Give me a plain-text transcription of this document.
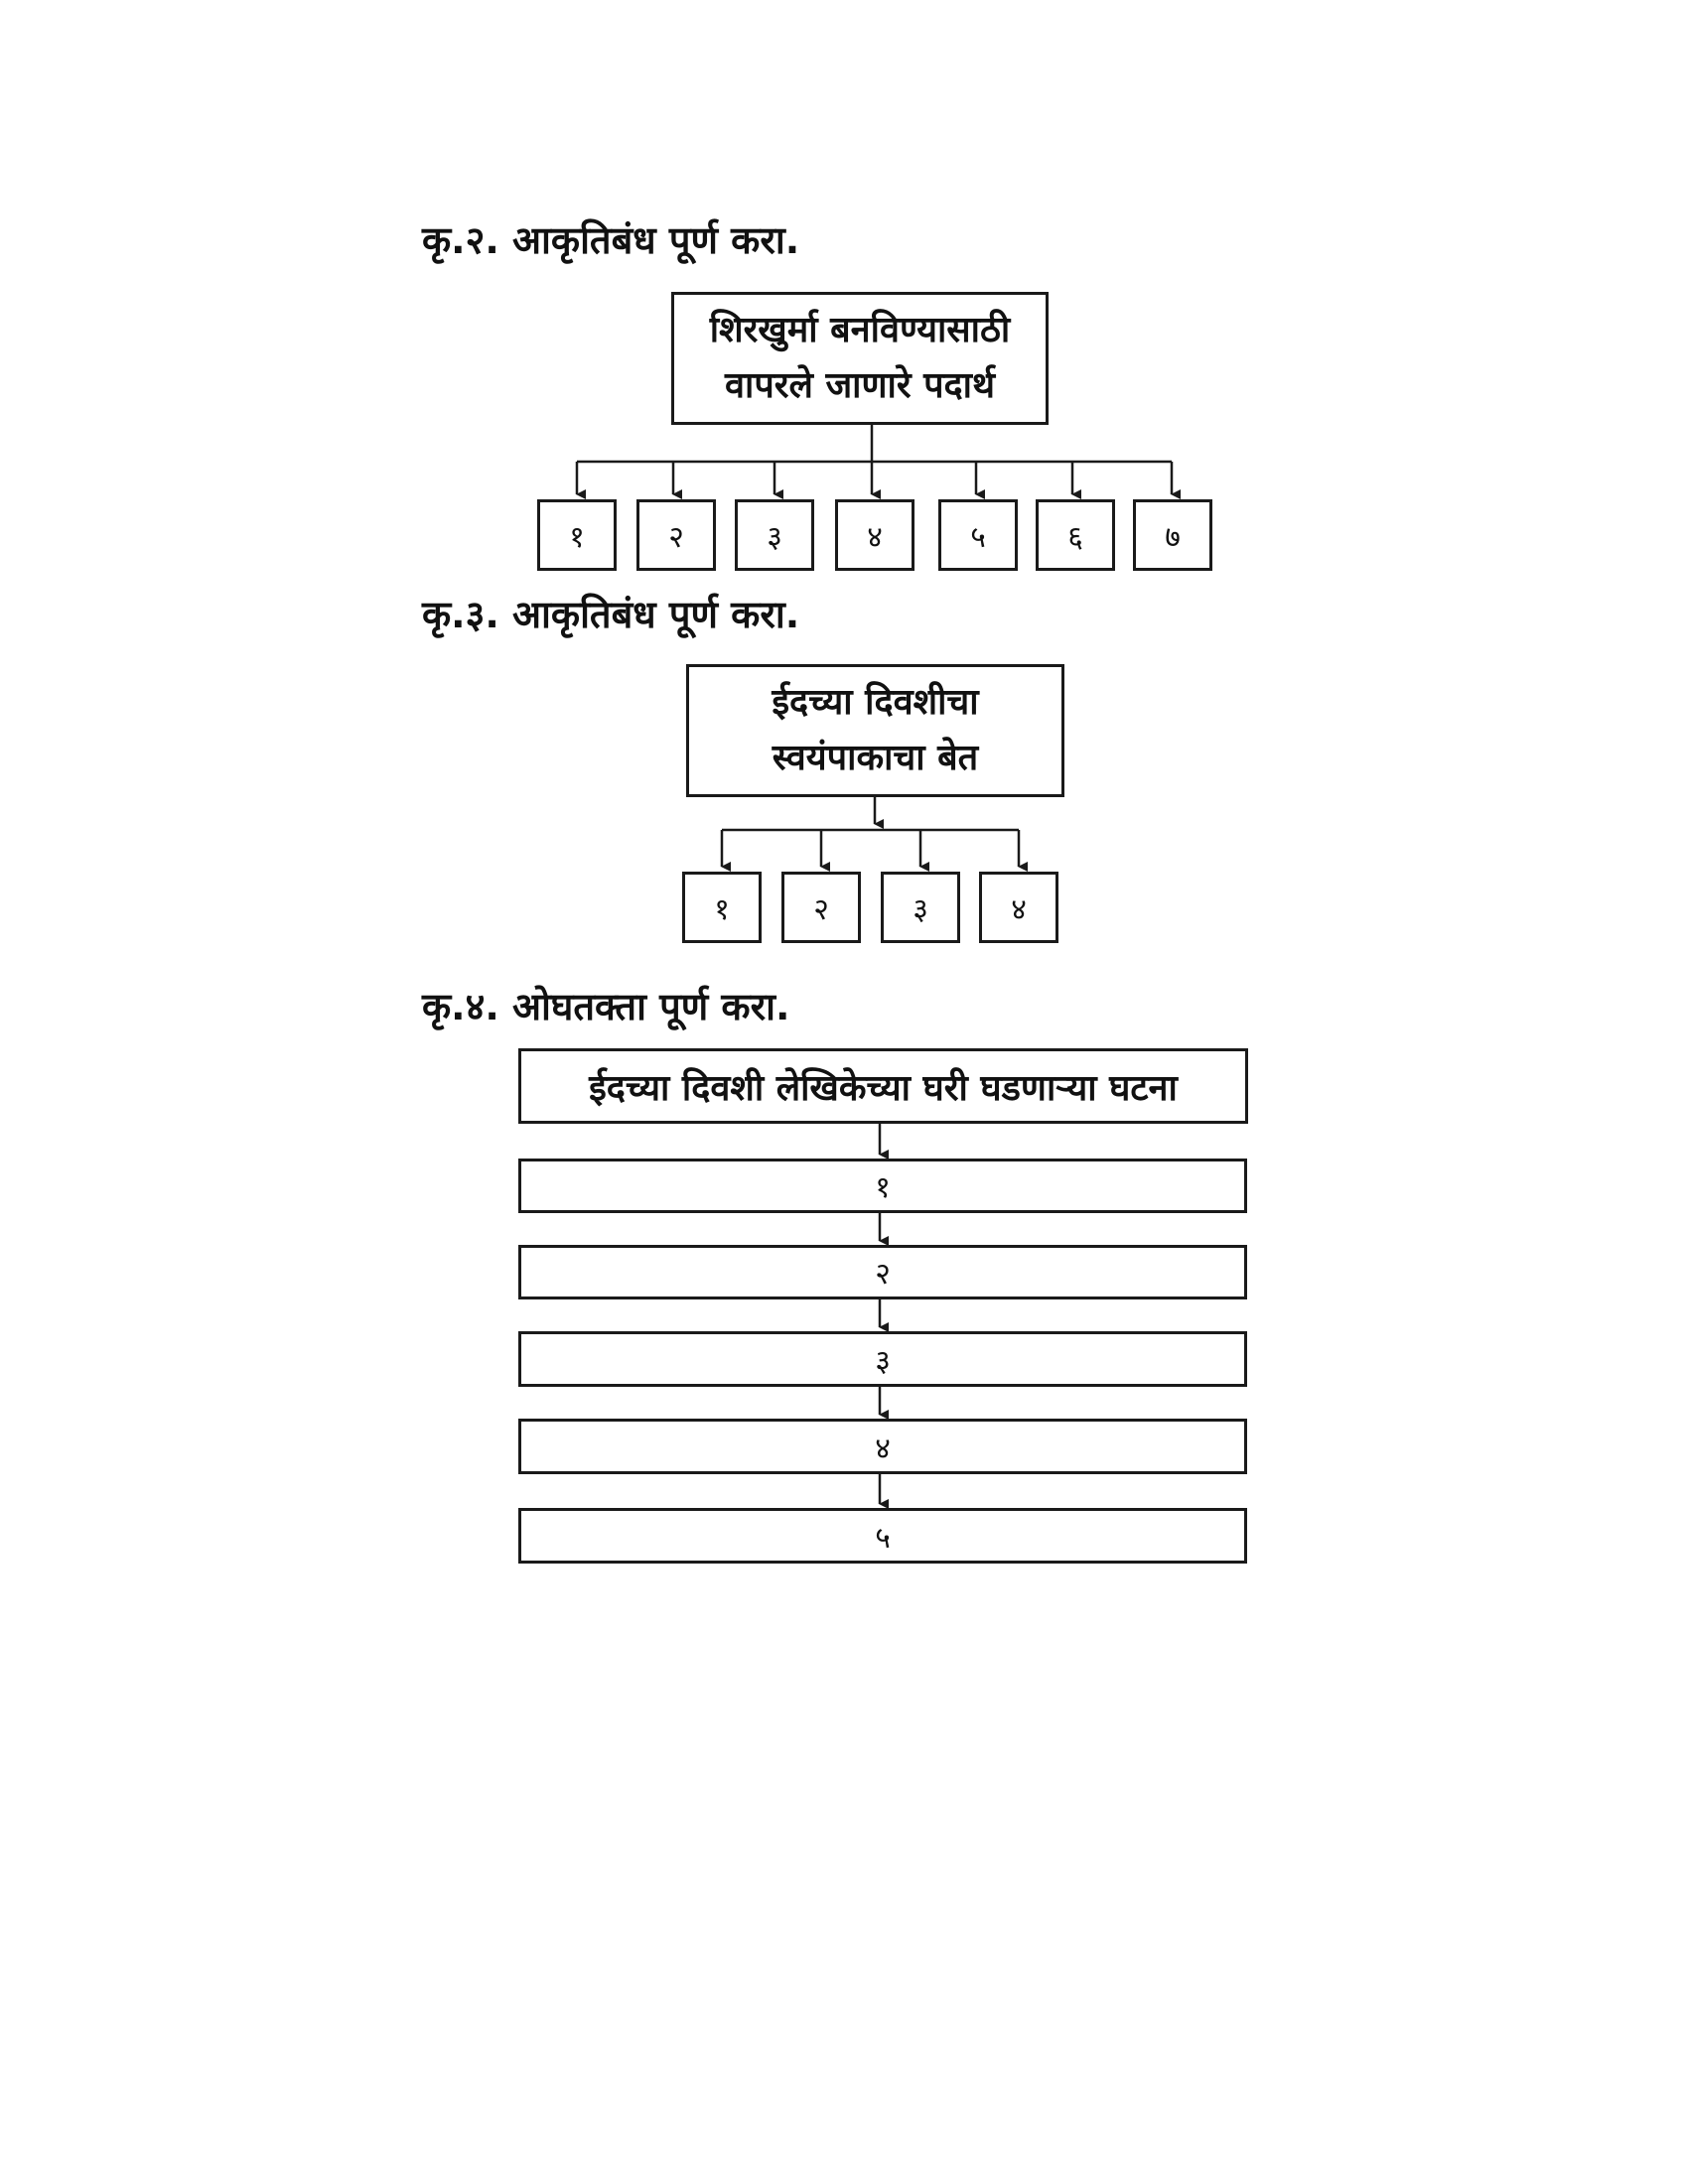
कृ.२. आकृतिबंध पूर्ण करा.
शिरखुर्मा बनविण्यासाठी
वापरले जाणारे पदार्थ
१	२	३	४	५	६	७
कृ.३. आकृतिबंध पूर्ण करा.
ईदच्या दिवशीचा
स्वयंपाकाचा बेत
१	२	३	४
कृ.४. ओघतक्ता पूर्ण करा.
ईदच्या दिवशी लेखिकेच्या घरी घडणाऱ्या घटना
१
२
३
४
५
